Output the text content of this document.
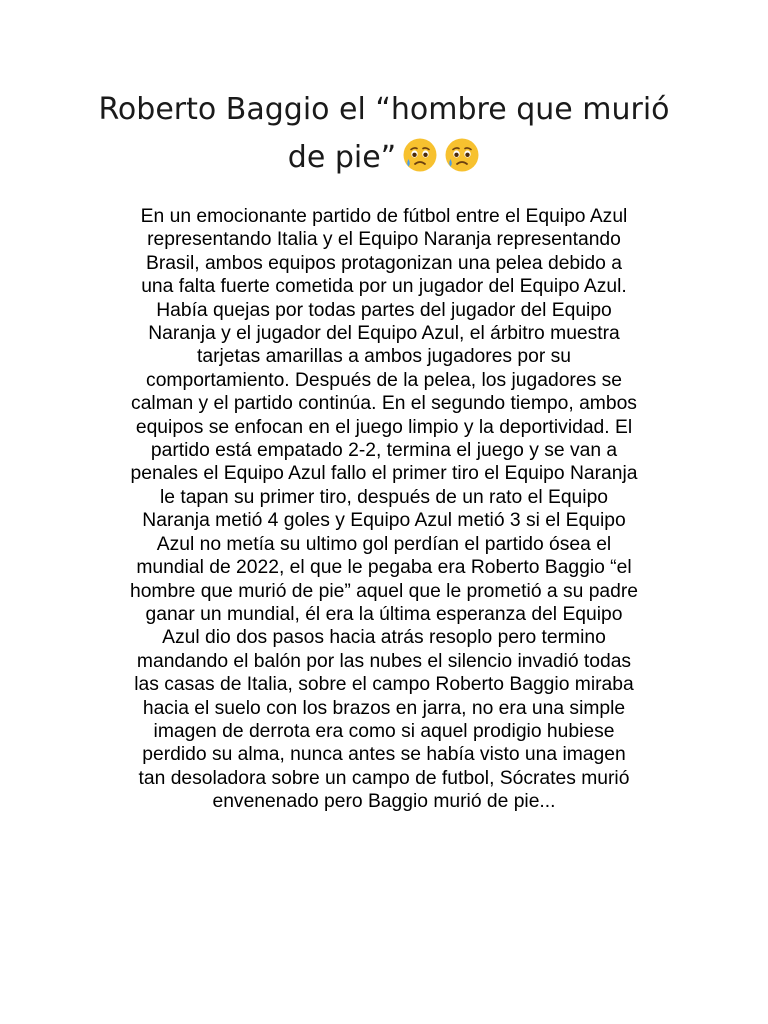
Roberto Baggio el “hombre que murió
de pie”
En un emocionante partido de fútbol entre el Equipo Azul
representando Italia y el Equipo Naranja representando
Brasil, ambos equipos protagonizan una pelea debido a
una falta fuerte cometida por un jugador del Equipo Azul.
Había quejas por todas partes del jugador del Equipo
Naranja y el jugador del Equipo Azul, el árbitro muestra
tarjetas amarillas a ambos jugadores por su
comportamiento. Después de la pelea, los jugadores se
calman y el partido continúa. En el segundo tiempo, ambos
equipos se enfocan en el juego limpio y la deportividad. El
partido está empatado 2-2, termina el juego y se van a
penales el Equipo Azul fallo el primer tiro el Equipo Naranja
le tapan su primer tiro, después de un rato el Equipo
Naranja metió 4 goles y Equipo Azul metió 3 si el Equipo
Azul no metía su ultimo gol perdían el partido ósea el
mundial de 2022, el que le pegaba era Roberto Baggio “el
hombre que murió de pie” aquel que le prometió a su padre
ganar un mundial, él era la última esperanza del Equipo
Azul dio dos pasos hacia atrás resoplo pero termino
mandando el balón por las nubes el silencio invadió todas
las casas de Italia, sobre el campo Roberto Baggio miraba
hacia el suelo con los brazos en jarra, no era una simple
imagen de derrota era como si aquel prodigio hubiese
perdido su alma, nunca antes se había visto una imagen
tan desoladora sobre un campo de futbol, Sócrates murió
envenenado pero Baggio murió de pie...
